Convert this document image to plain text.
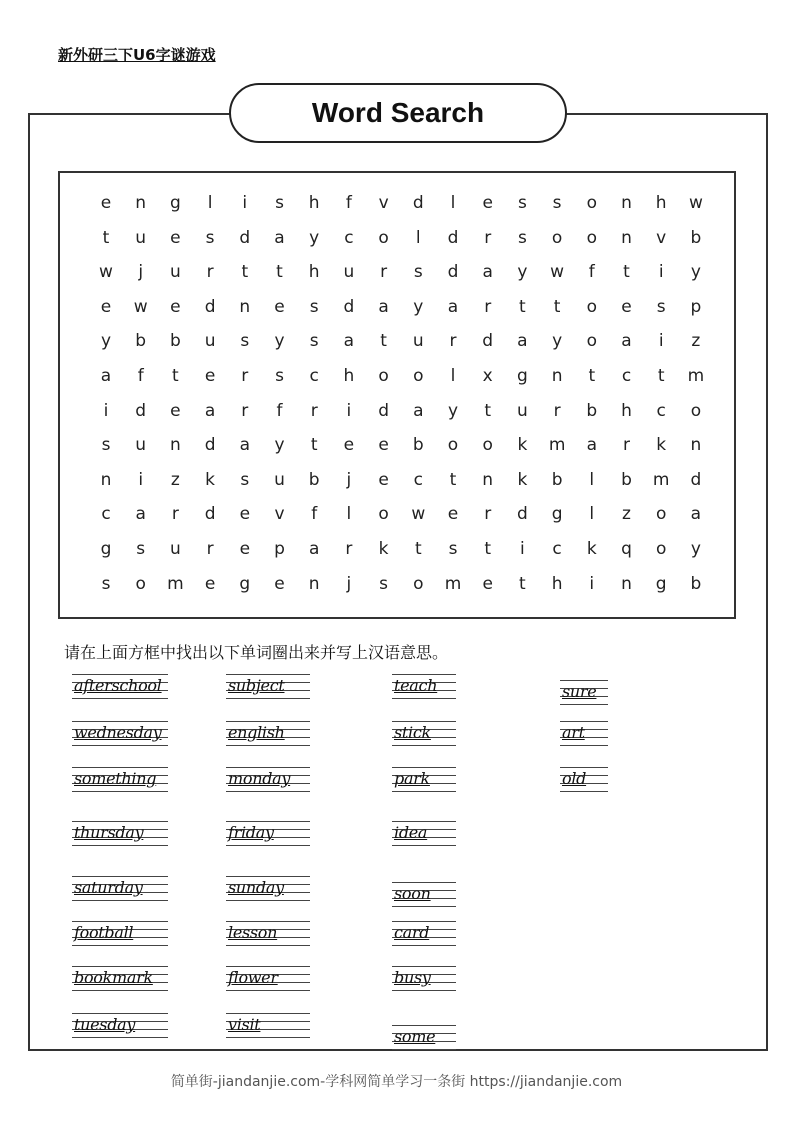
新外研三下U6字谜游戏
Word Search
e	n	g	l	i	s	h	f	v	d	l	e	s	s	o	n	h	w
t	u	e	s	d	a	y	c	o	l	d	r	s	o	o	n	v	b
w	j	u	r	t	t	h	u	r	s	d	a	y	w	f	t	i	y
e	w	e	d	n	e	s	d	a	y	a	r	t	t	o	e	s	p
y	b	b	u	s	y	s	a	t	u	r	d	a	y	o	a	i	z
a	f	t	e	r	s	c	h	o	o	l	x	g	n	t	c	t	m
i	d	e	a	r	f	r	i	d	a	y	t	u	r	b	h	c	o
s	u	n	d	a	y	t	e	e	b	o	o	k	m	a	r	k	n
n	i	z	k	s	u	b	j	e	c	t	n	k	b	l	b	m	d
c	a	r	d	e	v	f	l	o	w	e	r	d	g	l	z	o	a
g	s	u	r	e	p	a	r	k	t	s	t	i	c	k	q	o	y
s	o	m	e	g	e	n	j	s	o	m	e	t	h	i	n	g	b
请在上面方框中找出以下单词圈出来并写上汉语意思。
afterschool
wednesday
something
thursday
saturday
football
bookmark
tuesday
subject
english
monday
friday
sunday
lesson
flower
visit
teach
stick
park
idea
soon
card
busy
some
sure
art
old
简单街-jiandanjie.com-学科网简单学习一条街 https://jiandanjie.com
